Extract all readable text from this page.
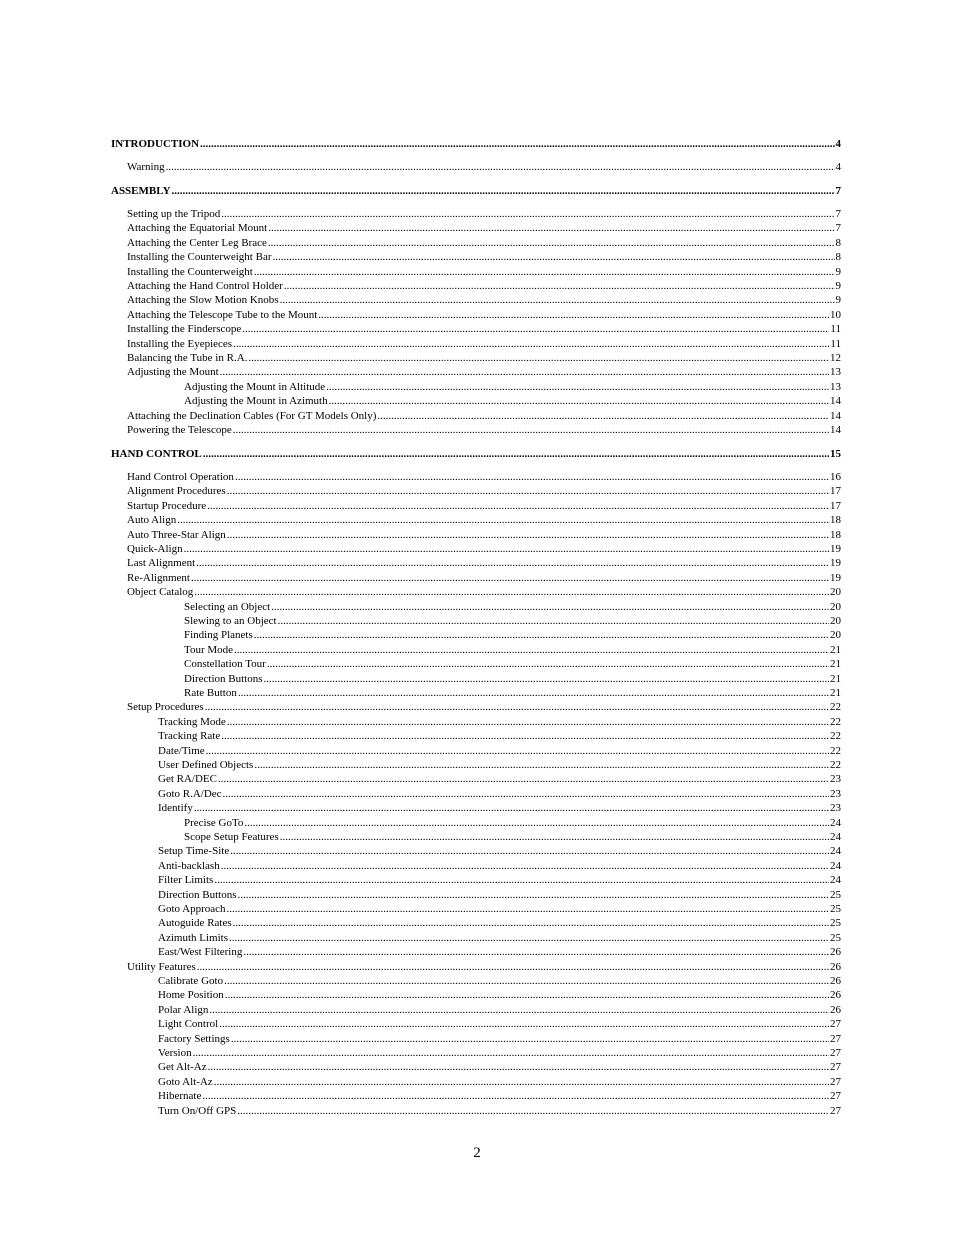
INTRODUCTION .....	4
Warning .....	4
ASSEMBLY .....	7
Setting up the Tripod .....	7
Attaching the Equatorial Mount .....	7
Attaching the Center Leg Brace .....	8
Installing the Counterweight Bar .....	8
Installing the Counterweight .....	9
Attaching the Hand Control Holder .....	9
Attaching the Slow Motion Knobs .....	9
Attaching the Telescope Tube to the Mount .....	10
Installing the Finderscope .....	11
Installing the Eyepieces .....	11
Balancing the Tube in R.A. .....	12
Adjusting the Mount .....	13
Adjusting the Mount in Altitude .....	13
Adjusting the Mount in Azimuth .....	14
Attaching the Declination Cables (For GT Models Only) .....	14
Powering the Telescope .....	14
HAND CONTROL .....	15
Hand Control Operation .....	16
Alignment Procedures .....	17
Startup Procedure .....	17
Auto Align .....	18
Auto Three-Star Align .....	18
Quick-Align .....	19
Last Alignment .....	19
Re-Alignment .....	19
Object Catalog .....	20
Selecting an Object .....	20
Slewing to an Object .....	20
Finding Planets .....	20
Tour Mode .....	21
Constellation Tour .....	21
Direction Buttons .....	21
Rate Button .....	21
Setup Procedures .....	22
Tracking Mode .....	22
Tracking Rate .....	22
Date/Time .....	22
User Defined Objects .....	22
Get RA/DEC .....	23
Goto R.A/Dec .....	23
Identify .....	23
Precise GoTo .....	24
Scope Setup Features .....	24
Setup Time-Site .....	24
Anti-backlash .....	24
Filter Limits .....	24
Direction Buttons .....	25
Goto Approach .....	25
Autoguide Rates .....	25
Azimuth Limits .....	25
East/West Filtering .....	26
Utility Features .....	26
Calibrate Goto .....	26
Home Position .....	26
Polar Align .....	26
Light Control .....	27
Factory Settings .....	27
Version .....	27
Get Alt-Az .....	27
Goto Alt-Az .....	27
Hibernate .....	27
Turn On/Off GPS .....	27
2
